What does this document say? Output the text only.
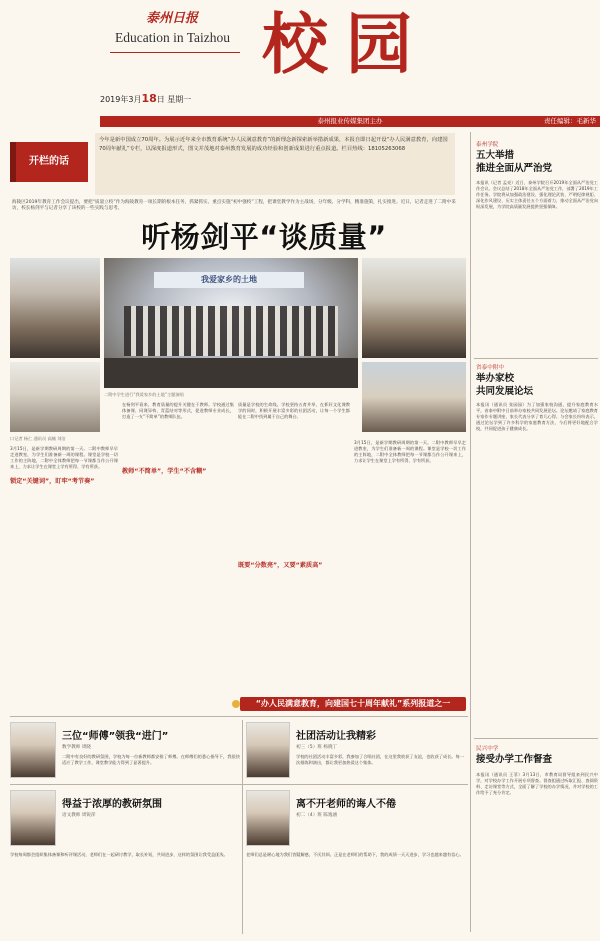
泰州日报
Education in Taizhou 校园
2019年3月18日 星期一
泰州报业传媒集团主办	责任编辑：毛新华
开栏的话
今年是新中国成立70周年。为展示近年来全市教育系统“办人民满意教育”的新理念新探索新举措新成果，本报自即日起开设“办人民满意教育，向建国70周年献礼”专栏，以深度报道形式，图文并茂地对泰州教育发展的成功经验和创新成果进行重点报道。栏目热线：18105263068
泰州学院
五大举措
推进全面从严治党
本报讯（记者 孟亮）近日，泰州学院召开2019年全面从严治党工作会议。会议总结了2018年全面从严治党工作，部署了2019年工作任务。学院将从加强政治建设、强化理论武装、严明纪律规矩、深化作风建设、压实主体责任五个方面着力，推动全面从严治党向纵深发展，为学院高质量发展提供坚强保障。
省泰中附中
举办家校
共同发展论坛
本报讯（通讯员 张园园）为了加强家校沟通，提升家庭教育水平，省泰中附中日前举办家校共同发展论坛。论坛邀请了家庭教育专家作专题讲座，家长代表分享了育儿心得。与会家长纷纷表示，通过论坛学到了许多科学的家庭教育方法，今后将更好地配合学校，共同促进孩子健康成长。
民兴中学
接受办学工作督查
本报讯（通讯员 王菲）3月13日，市教育局督导组来到民兴中学，对学校办学工作开展专项督查。督查组通过听取汇报、查阅资料、走访课堂等方式，全面了解了学校的办学情况，并对学校的工作给予了充分肯定。
海陵区2019年教育工作会议提出，要把“质量立校”作为海陵教育一项长期的根本任务，抓紧抓实、重点实施“初中强校”工程，把课堂教学作为主战场，分年级、分学科，精准施策，扎实推进。近日，记者走进了二附中采访，校长杨剑平与记者分享了该校的一些实践与思考。
听杨剑平“谈质量”
我爱家乡的土地
二附中学生进行“我爱家乡的土地”主题演唱
口记者 杨仁 通讯员 高楠 刘洁
3月15日，是新学期教研周期的第一天。二附中教师早早走进教室，为学生们准备新一周的课程。课堂是学校一切工作的主阵地，二附中全体教师把每一节课都当作公开课来上，力求让学生在课堂上学有所得、学有所获。
锁定“关键词”，盯牢“考节奏”
在杨剑平看来，教育质量的提升关键在于教师。学校通过集体备课、同课异构、青蓝结对等形式，促进教师专业成长，打造了一支“不简单”的教师队伍。
教师“不简单”，学生“不含糊”
质量是学校的生命线。学校坚持五育并举，在抓好文化课教学的同时，积极开展丰富多彩的社团活动，让每一个学生都能在二附中找到属于自己的舞台。
既要“分数亮”，又要“素质高”
3月15日，是新学期教研周期的第一天。二附中教师早早走进教室，为学生们准备新一周的课程。课堂是学校一切工作的主阵地，二附中全体教师把每一节课都当作公开课来上，力求让学生在课堂上学有所得、学有所获。
“办人民满意教育，向建国七十周年献礼”系列报道之一
三位“师傅”领我“进门”
数学教师 周晓
二附中有良好的教研氛围，学校为每一位新教师都安排了师傅。在师傅们的悉心指导下，我很快适应了教学工作，课堂教学能力得到了显著提升。
社团活动让我精彩
初三（5）班 杨晓丁
学校的社团活动丰富多彩，我参加了合唱社团，在这里我收获了友谊，也收获了成长。每一次排练和演出，都让我更加热爱这个集体。
得益于浓厚的教研氛围
语文教师 周锐萍
学校每周都会组织集体备课和听评课活动，老师们在一起研讨教学，取长补短，共同进步，这样的氛围让我受益匪浅。
离不开老师的诲人不倦
初二（4）班 陈逸涵
老师们总是耐心地为我们答疑解惑，不厌其烦。正是在老师们的帮助下，我的成绩一天天进步，学习也越来越有信心。
